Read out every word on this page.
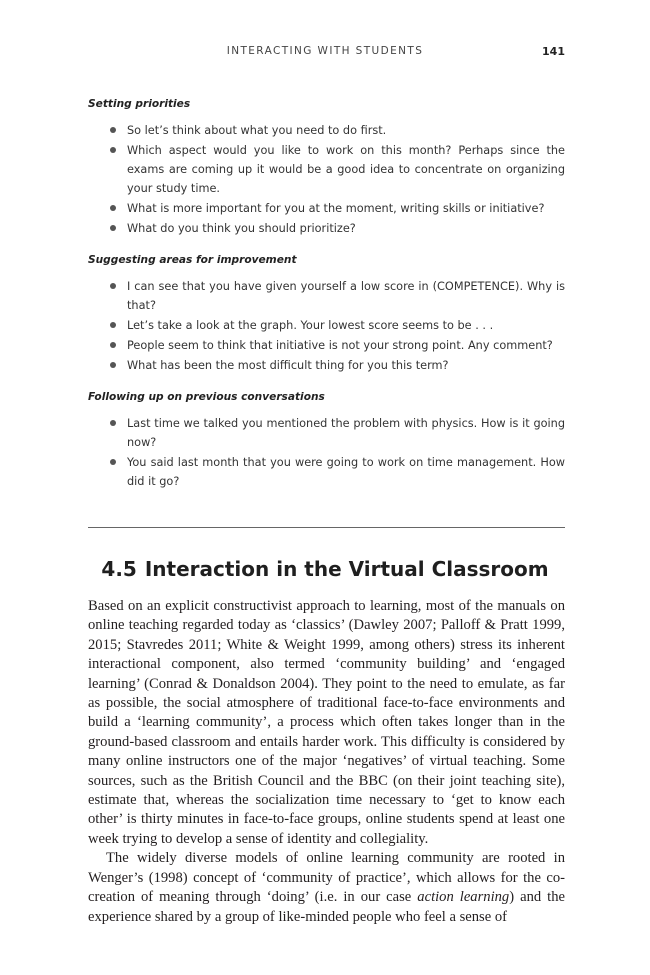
INTERACTING WITH STUDENTS	141
Setting priorities
So let’s think about what you need to do first.
Which aspect would you like to work on this month? Perhaps since the exams are coming up it would be a good idea to concentrate on organizing your study time.
What is more important for you at the moment, writing skills or initiative?
What do you think you should prioritize?
Suggesting areas for improvement
I can see that you have given yourself a low score in (COMPETENCE). Why is that?
Let’s take a look at the graph. Your lowest score seems to be . . .
People seem to think that initiative is not your strong point. Any comment?
What has been the most difficult thing for you this term?
Following up on previous conversations
Last time we talked you mentioned the problem with physics. How is it going now?
You said last month that you were going to work on time management. How did it go?
4.5 Interaction in the Virtual Classroom

Based on an explicit constructivist approach to learning, most of the manuals on online teaching regarded today as ‘classics’ (Dawley 2007; Palloff & Pratt 1999, 2015; Stavredes 2011; White & Weight 1999, among others) stress its inherent interactional component, also termed ‘community building’ and ‘engaged learning’ (Conrad & Donaldson 2004). They point to the need to emulate, as far as possible, the social atmosphere of traditional face-to-face environments and build a ‘learning community’, a process which often takes longer than in the ground-based classroom and entails harder work. This difficulty is considered by many online instructors one of the major ‘negatives’ of virtual teaching. Some sources, such as the British Council and the BBC (on their joint teaching site), estimate that, whereas the socialization time necessary to ‘get to know each other’ is thirty minutes in face-to-face groups, online students spend at least one week trying to develop a sense of identity and collegiality.

The widely diverse models of online learning community are rooted in Wenger’s (1998) concept of ‘community of practice’, which allows for the co-creation of meaning through ‘doing’ (i.e. in our case action learning) and the experience shared by a group of like-minded people who feel a sense of
